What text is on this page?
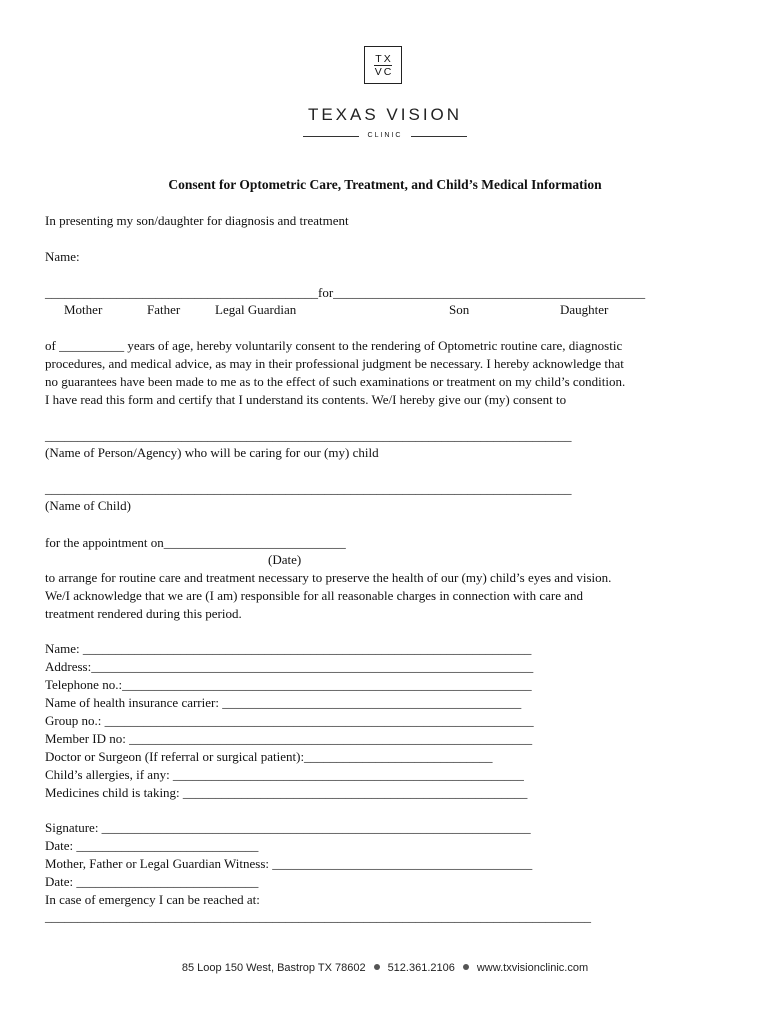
TX
VC
TEXAS VISION
CLINIC
Consent for Optometric Care, Treatment, and Child’s Medical Information
In presenting my son/daughter for diagnosis and treatment
Name:
__________________________________________for________________________________________________
Mother	Father	Legal Guardian	Son	Daughter
of __________ years of age, hereby voluntarily consent to the rendering of Optometric routine care, diagnostic
procedures, and medical advice, as may in their professional judgment be necessary. I hereby acknowledge that
no guarantees have been made to me as to the effect of such examinations or treatment on my child’s condition.
I have read this form and certify that I understand its contents. We/I hereby give our (my) consent to
_________________________________________________________________________________
(Name of Person/Agency) who will be caring for our (my) child
_________________________________________________________________________________
(Name of Child)
for the appointment on____________________________
(Date)
to arrange for routine care and treatment necessary to preserve the health of our (my) child’s eyes and vision.
We/I acknowledge that we are (I am) responsible for all reasonable charges in connection with care and
treatment rendered during this period.
Name: _____________________________________________________________________
Address:____________________________________________________________________
Telephone no.:_______________________________________________________________
Name of health insurance carrier: ______________________________________________
Group no.: __________________________________________________________________
Member ID no: ______________________________________________________________
Doctor or Surgeon (If referral or surgical patient):_____________________________
Child’s allergies, if any: ______________________________________________________
Medicines child is taking: _____________________________________________________
Signature: __________________________________________________________________
Date: ____________________________
Mother, Father or Legal Guardian Witness: ________________________________________
Date: ____________________________
In case of emergency I can be reached at:
____________________________________________________________________________________
85 Loop 150 West, Bastrop TX 78602 512.361.2106 www.txvisionclinic.com
